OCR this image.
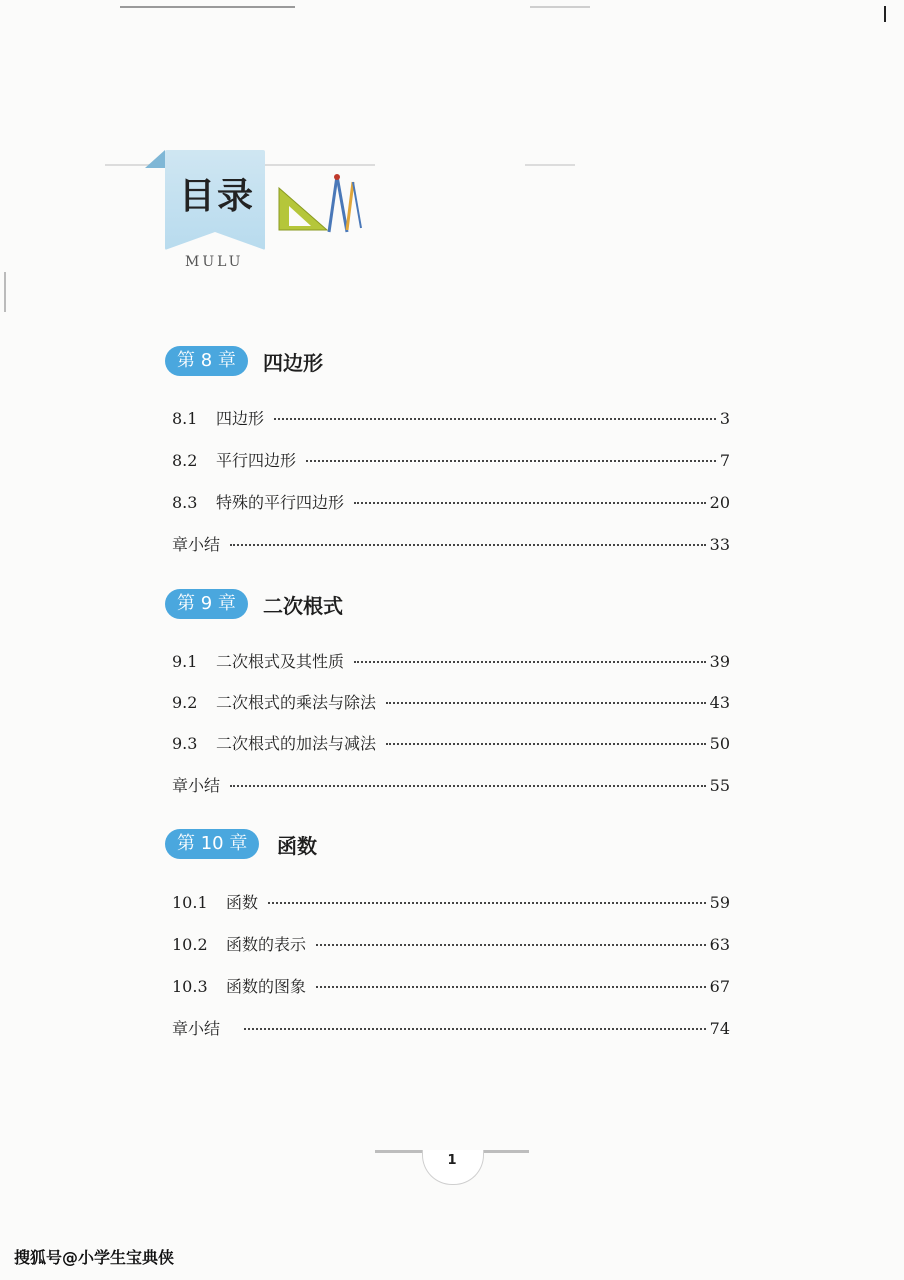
目录
MULU
第 8 章	四边形
8.1	四边形	3
8.2	平行四边形	7
8.3	特殊的平行四边形	20
章小结	33
第 9 章	二次根式
9.1	二次根式及其性质	39
9.2	二次根式的乘法与除法	43
9.3	二次根式的加法与减法	50
章小结	55
第 10 章	函数
10.1	函数	59
10.2	函数的表示	63
10.3	函数的图象	67
章小结	74
1
搜狐号@小学生宝典侠
